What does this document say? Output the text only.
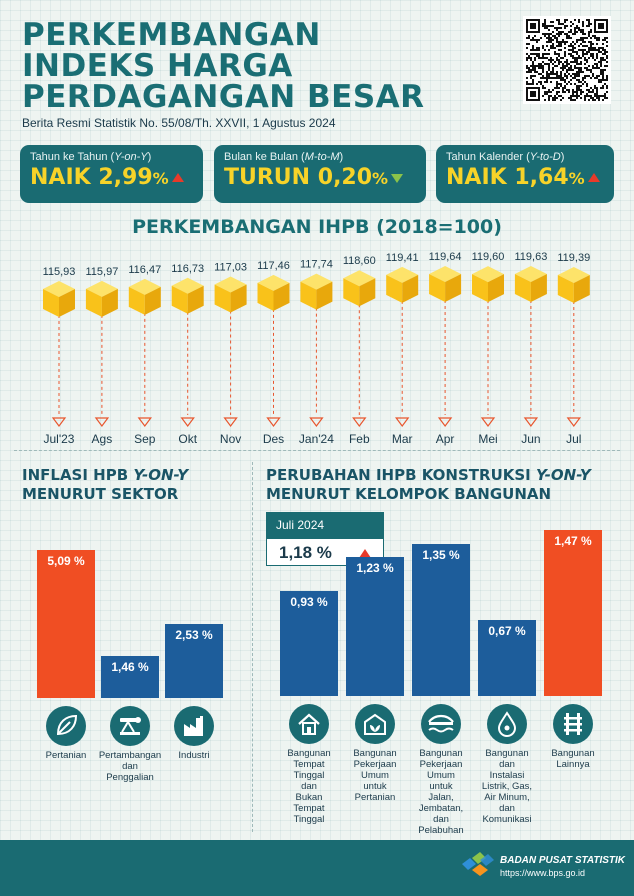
PERKEMBANGAN
INDEKS HARGA
PERDAGANGAN BESAR
Berita Resmi Statistik No. 55/08/Th. XXVII, 1 Agustus 2024
Tahun ke Tahun (Y-on-Y)
NAIK 2,99%
Bulan ke Bulan (M-to-M)
TURUN 0,20%
Tahun Kalender (Y-to-D)
NAIK 1,64%
PERKEMBANGAN IHPB (2018=100)
115,93
Jul'23
115,97
Ags
116,47
Sep
116,73
Okt
117,03
Nov
117,46
Des
117,74
Jan'24
118,60
Feb
119,41
Mar
119,64
Apr
119,60
Mei
119,63
Jun
119,39
Jul
INFLASI HPB Y-ON-Y
MENURUT SEKTOR
5,09 %
Pertanian
1,46 %
Pertambangan
dan
Penggalian
2,53 %
Industri
PERUBAHAN IHPB KONSTRUKSI Y-ON-Y
MENURUT KELOMPOK BANGUNAN
Juli 2024
1,18 %
0,93 %
Bangunan
Tempat
Tinggal
dan
Bukan
Tempat
Tinggal
1,23 %
Bangunan
Pekerjaan
Umum
untuk
Pertanian
1,35 %
Bangunan
Pekerjaan
Umum
untuk
Jalan,
Jembatan,
dan
Pelabuhan
0,67 %
Bangunan
dan
Instalasi
Listrik, Gas,
Air Minum,
dan
Komunikasi
1,47 %
Bangunan
Lainnya
BADAN PUSAT STATISTIK
https://www.bps.go.id
